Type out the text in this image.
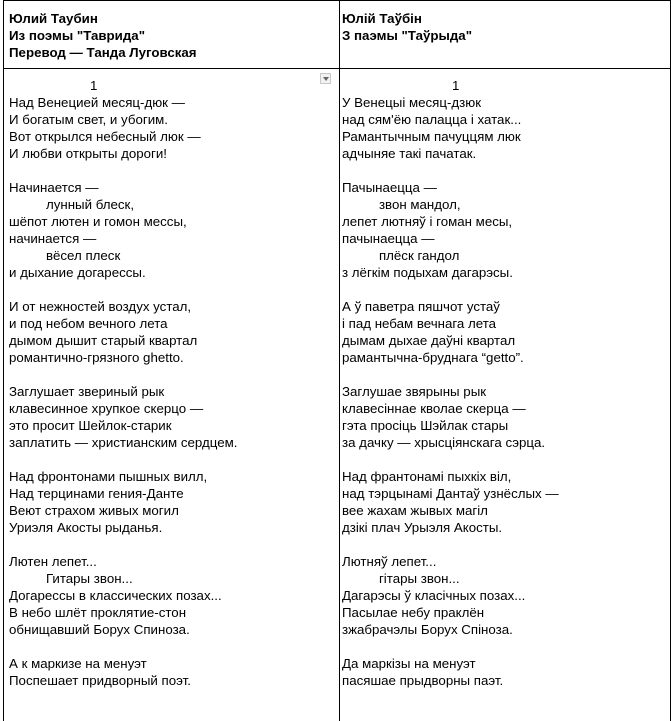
Юлий Таубин
Из поэмы "Таврида"
Перевод — Танда Луговская
Юлій Таўбін
З паэмы "Таўрыда"
1
Над Венецией месяц-дюк —
И богатым свет, и убогим.
Вот открылся небесный люк —
И любви открыты дороги!
Начинается —
лунный блеск,
шёпот лютен и гомон мессы,
начинается —
вёсел плеск
и дыхание догарессы.
И от нежностей воздух устал,
и под небом вечного лета
дымом дышит старый квартал
романтично-грязного ghetto.
Заглушает звериный рык
клавесинное хрупкое скерцо —
это просит Шейлок-старик
заплатить — христианским сердцем.
Над фронтонами пышных вилл,
Над терцинами гения-Данте
Веют страхом живых могил
Уриэля Акосты рыданья.
Лютен лепет...
Гитары звон...
Догарессы в классических позах...
В небо шлёт проклятие-стон
обнищавший Борух Спиноза.
А к маркизе на менуэт
Поспешает придворный поэт.
1
У Венецыі месяц-дзюк
над сям'ёю палацца і хатак...
Рамантычным пачуццям люк
адчыняе такі пачатак.
Пачынаецца —
звон мандол,
лепет лютняў і гоман месы,
пачынаецца —
плёск гандол
з лёгкім подыхам дагарэсы.
А ў паветра пяшчот устаў
і пад небам вечнага лета
дымам дыхае даўні квартал
рамантычна-бруднага “getto”.
Заглушае звярыны рык
клавесіннае кволае скерца —
гэта просіць Шэйлак стары
за дачку — хрысціянскага сэрца.
Над франтонамі пыхкіх віл,
над тэрцынамі Дантаў узнёслых —
вее жахам жывых магіл
дзікі плач Урыэля Акосты.
Лютняў лепет...
гітары звон...
Дагарэсы ў класічных позах...
Пасылае небу праклён
зжабрачэлы Борух Спіноза.
Да маркізы на менуэт
пасяшае прыдворны паэт.
